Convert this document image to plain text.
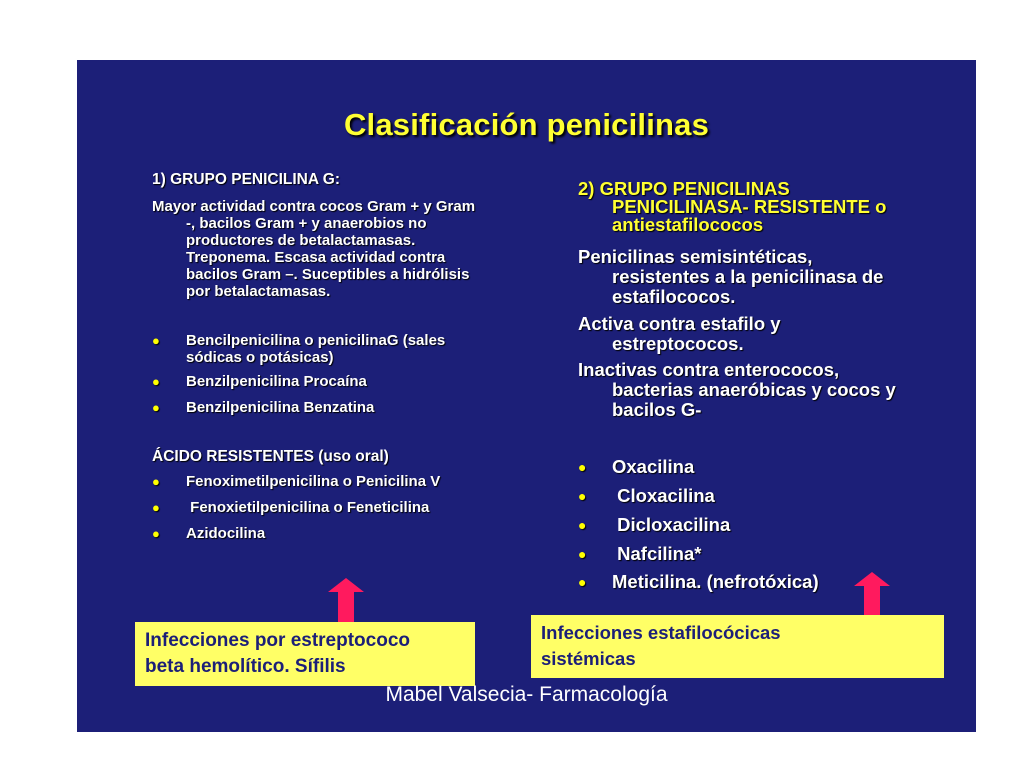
Clasificación penicilinas
1) GRUPO PENICILINA G:
Mayor actividad contra cocos Gram + y Gram
-, bacilos Gram + y anaerobios no
productores de betalactamasas.
Treponema. Escasa actividad contra
bacilos Gram –. Suceptibles a hidrólisis
por betalactamasas.
● Bencilpenicilina o penicilinaG (sales
sódicas o potásicas)
●	Benzilpenicilina Procaína
●	Benzilpenicilina Benzatina
ÁCIDO RESISTENTES (uso oral)
●	Fenoximetilpenicilina o Penicilina V
●	Fenoxietilpenicilina o Feneticilina
●	Azidocilina
Infecciones por estreptococo
beta hemolítico. Sífilis
2) GRUPO PENICILINAS
PENICILINASA- RESISTENTE o
antiestafilococos
Penicilinas semisintéticas,
resistentes a la penicilinasa de
estafilococos.
Activa contra estafilo y
estreptococos.
Inactivas contra enterococos,
bacterias anaeróbicas y cocos y
bacilos G-
●	Oxacilina
●	Cloxacilina
●	Dicloxacilina
●	Nafcilina*
●	Meticilina. (nefrotóxica)
Infecciones estafilocócicas
sistémicas
Mabel Valsecia- Farmacología
